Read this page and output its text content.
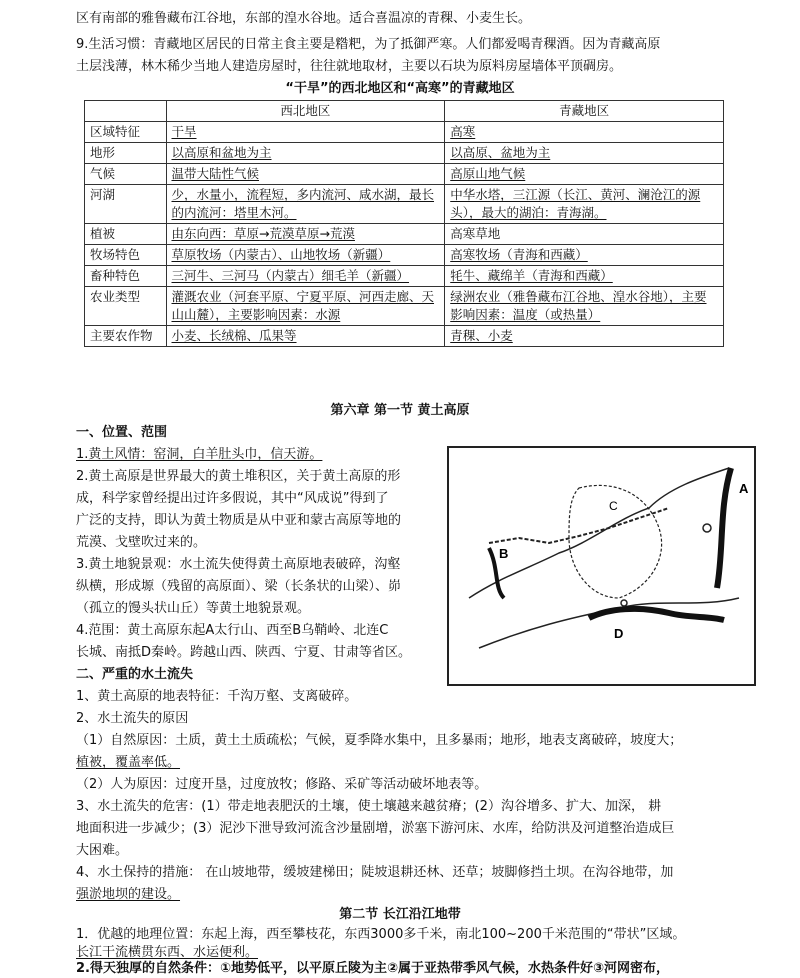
区有南部的雅鲁藏布江谷地，东部的湟水谷地。适合喜温凉的青稞、小麦生长。
9.生活习惯：青藏地区居民的日常主食主要是糌粑，为了抵御严寒。人们都爱喝青稞酒。因为青藏高原
土层浅薄，林木稀少当地人建造房屋时，往往就地取材，主要以石块为原料房屋墙体平顶碉房。
“干旱”的西北地区和“高寒”的青藏地区
	西北地区	青藏地区
区域特征	干旱	高寒
地形	以高原和盆地为主	以高原、盆地为主
气候	温带大陆性气候	高原山地气候
河湖	少，水量小，流程短，多内流河、咸水湖，最长的内流河：塔里木河。	中华水塔，三江源（长江、黄河、澜沧江的源头），最大的湖泊：青海湖。
植被	由东向西：草原→荒漠草原→荒漠	高寒草地
牧场特色	草原牧场（内蒙古）、山地牧场（新疆）	高寒牧场（青海和西藏）
畜种特色	三河牛、三河马（内蒙古）细毛羊（新疆）	牦牛、藏绵羊（青海和西藏）
农业类型	灌溉农业（河套平原、宁夏平原、河西走廊、天山山麓），主要影响因素：水源	绿洲农业（雅鲁藏布江谷地、湟水谷地），主要影响因素：温度（或热量）
主要农作物	小麦、长绒棉、瓜果等	青稞、小麦
第六章 第一节 黄土高原
一、位置、范围
1.黄土风情：窑洞，白羊肚头巾，信天游。
2.黄土高原是世界最大的黄土堆积区，关于黄土高原的形
成，科学家曾经提出过许多假说，其中“风成说”得到了
广泛的支持，即认为黄土物质是从中亚和蒙古高原等地的
荒漠、戈壁吹过来的。
3.黄土地貌景观：水土流失使得黄土高原地表破碎，沟壑
纵横，形成塬（残留的高原面）、梁（长条状的山梁）、峁
（孤立的馒头状山丘）等黄土地貌景观。
4.范围：黄土高原东起A太行山、西至B乌鞘岭、北连C
长城、南抵D秦岭。跨越山西、陕西、宁夏、甘肃等省区。
A
B
C
D
二、严重的水土流失
1、黄土高原的地表特征：千沟万壑、支离破碎。
2、水土流失的原因
（1）自然原因：土质，黄土土质疏松；气候，夏季降水集中，且多暴雨；地形，地表支离破碎，坡度大；
植被，覆盖率低。
（2）人为原因：过度开垦，过度放牧；修路、采矿等活动破坏地表等。
3、水土流失的危害：(1）带走地表肥沃的土壤，使土壤越来越贫瘠；(2）沟谷增多、扩大、加深， 耕
地面积进一步减少；(3）泥沙下泄导致河流含沙量剧增，淤塞下游河床、水库，给防洪及河道整治造成巨
大困难。
4、水土保持的措施： 在山坡地带，缓坡建梯田；陡坡退耕还林、还草；坡脚修挡土坝。在沟谷地带，加
强淤地坝的建设。
第二节 长江沿江地带
1．优越的地理位置：东起上海，西至攀枝花，东西3000多千米，南北100~200千米范围的“带状”区域。
长江干流横贯东西、水运便利。
2.得天独厚的自然条件：①地势低平，以平原丘陵为主②属于亚热带季风气候，水热条件好③河网密布，
